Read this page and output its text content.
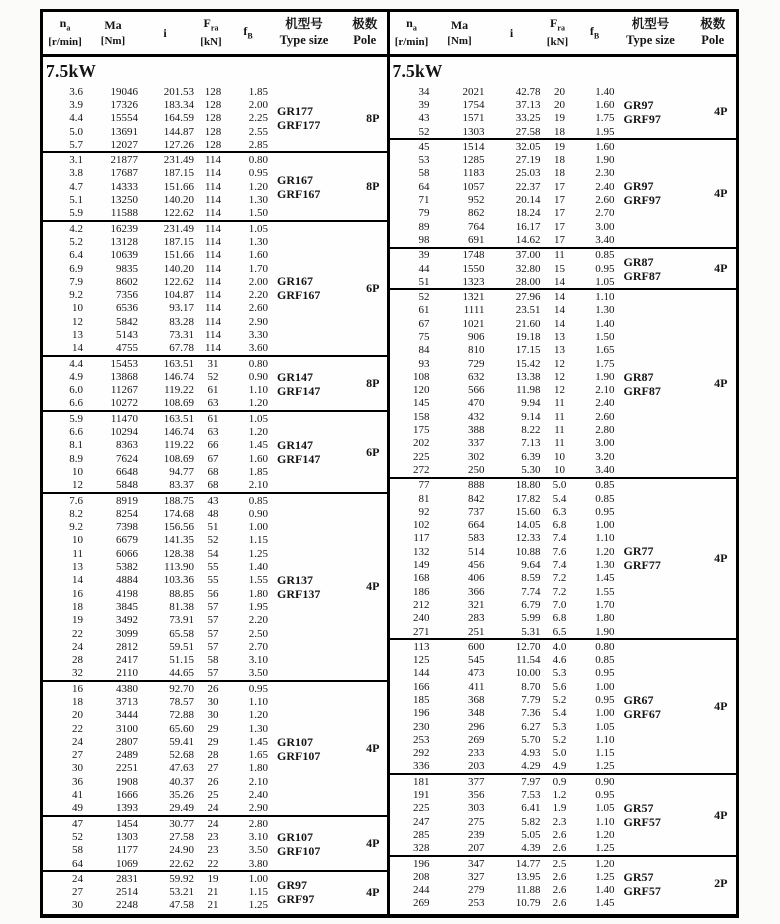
$n_a$
[r/min]
Ma
[Nm]
i
$F_{ra}$
[kN]
$f_B$
机型号
Type size
极数
Pole
7.5kW
3.6	19046	201.53 128	1.85
3.9	17326	183.34 128	2.00
4.4	15554	164.59 128	2.25
5.0	13691	144.87 128	2.55
5.7	12027	127.26 128	2.85
GR177
GRF177
8P
3.1	21877	231.49 114	0.80
3.8	17687	187.15 114	0.95
4.7	14333	151.66 114	1.20
5.1	13250	140.20 114	1.30
5.9	11588	122.62 114	1.50
GR167
GRF167
8P
4.2	16239	231.49 114	1.05
5.2	13128	187.15 114	1.30
6.4	10639	151.66 114	1.60
6.9	9835	140.20 114	1.70
7.9	8602	122.62 114	2.00
9.2	7356	104.87 114	2.20
10	6536	93.17 114	2.60
12	5842	83.28 114	2.90
13	5143	73.31 114	3.30
14	4755	67.78 114	3.60
GR167
GRF167
6P
4.4	15453	163.51	31	0.80
4.9	13868	146.74	52	0.90
6.0	11267	119.22	61	1.10
6.6	10272	108.69	63	1.20
GR147
GRF147
8P
5.9	11470	163.51	61	1.05
6.6	10294	146.74	63	1.20
8.1	8363	119.22	66	1.45
8.9	7624	108.69	67	1.60
10	6648	94.77	68	1.85
12	5848	83.37	68	2.10
GR147
GRF147
6P
7.6	8919	188.75	43	0.85
8.2	8254	174.68	48	0.90
9.2	7398	156.56	51	1.00
10	6679	141.35	52	1.15
11	6066	128.38	54	1.25
13	5382	113.90	55	1.40
14	4884	103.36	55	1.55
16	4198	88.85	56	1.80
18	3845	81.38	57	1.95
19	3492	73.91	57	2.20
22	3099	65.58	57	2.50
24	2812	59.51	57	2.70
28	2417	51.15	58	3.10
32	2110	44.65	57	3.50
GR137
GRF137
4P
16	4380	92.70	26	0.95
18	3713	78.57	30	1.10
20	3444	72.88	30	1.20
22	3100	65.60	29	1.30
24	2807	59.41	29	1.45
27	2489	52.68	28	1.65
30	2251	47.63	27	1.80
36	1908	40.37	26	2.10
41	1666	35.26	25	2.40
49	1393	29.49	24	2.90
GR107
GRF107
4P
47	1454	30.77	24	2.80
52	1303	27.58	23	3.10
58	1177	24.90	23	3.50
64	1069	22.62	22	3.80
GR107
GRF107
4P
24	2831	59.92	19	1.00
27	2514	53.21	21	1.15
30	2248	47.58	21	1.25
GR97
GRF97
4P
$n_a$
[r/min]
Ma
[Nm]
i
$F_{ra}$
[kN]
$f_B$
机型号
Type size
极数
Pole
7.5kW
34	2021	42.78	20	1.40
39	1754	37.13	20	1.60
43	1571	33.25	19	1.75
52	1303	27.58	18	1.95
GR97
GRF97
4P
45	1514	32.05	19	1.60
53	1285	27.19	18	1.90
58	1183	25.03	18	2.30
64	1057	22.37	17	2.40
71	952	20.14	17	2.60
79	862	18.24	17	2.70
89	764	16.17	17	3.00
98	691	14.62	17	3.40
GR97
GRF97
4P
39	1748	37.00	11	0.85
44	1550	32.80	15	0.95
51	1323	28.00	14	1.05
GR87
GRF87
4P
52	1321	27.96	14	1.10
61	1111	23.51	14	1.30
67	1021	21.60	14	1.40
75	906	19.18	13	1.50
84	810	17.15	13	1.65
93	729	15.42	12	1.75
108	632	13.38	12	1.90
120	566	11.98	12	2.10
145	470	9.94	11	2.40
158	432	9.14	11	2.60
175	388	8.22	11	2.80
202	337	7.13	11	3.00
225	302	6.39	10	3.20
272	250	5.30	10	3.40
GR87
GRF87
4P
77	888	18.80	5.0	0.85
81	842	17.82	5.4	0.85
92	737	15.60	6.3	0.95
102	664	14.05	6.8	1.00
117	583	12.33	7.4	1.10
132	514	10.88	7.6	1.20
149	456	9.64	7.4	1.30
168	406	8.59	7.2	1.45
186	366	7.74	7.2	1.55
212	321	6.79	7.0	1.70
240	283	5.99	6.8	1.80
271	251	5.31	6.5	1.90
GR77
GRF77
4P
113	600	12.70	4.0	0.80
125	545	11.54	4.6	0.85
144	473	10.00	5.3	0.95
166	411	8.70	5.6	1.00
185	368	7.79	5.2	0.95
196	348	7.36	5.4	1.00
230	296	6.27	5.3	1.05
253	269	5.70	5.2	1.10
292	233	4.93	5.0	1.15
336	203	4.29	4.9	1.25
GR67
GRF67
4P
181	377	7.97	0.9	0.90
191	356	7.53	1.2	0.95
225	303	6.41	1.9	1.05
247	275	5.82	2.3	1.10
285	239	5.05	2.6	1.20
328	207	4.39	2.6	1.25
GR57
GRF57
4P
196	347	14.77	2.5	1.20
208	327	13.95	2.6	1.25
244	279	11.88	2.6	1.40
269	253	10.79	2.6	1.45
GR57
GRF57
2P
